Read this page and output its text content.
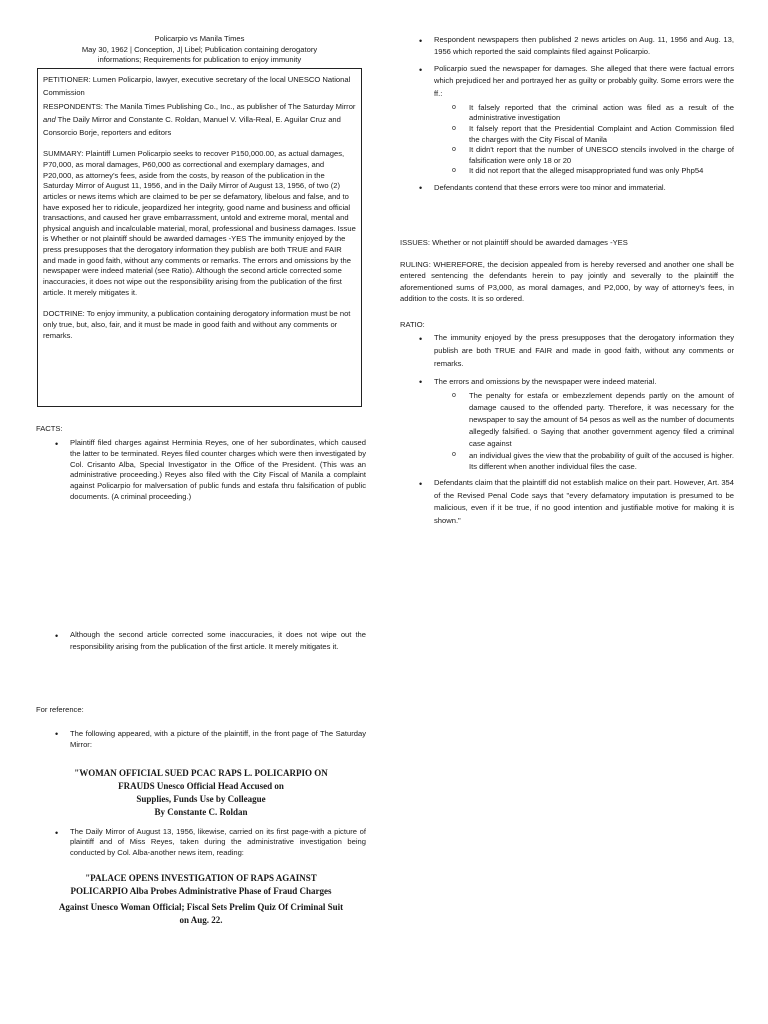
Policarpio vs Manila Times
May 30, 1962 | Conception, J| Libel; Publication containing derogatory
informations; Requirements for publication to enjoy immunity

PETITIONER: Lumen Policarpio, lawyer, executive secretary of the local UNESCO National Commission

RESPONDENTS: The Manila Times Publishing Co., Inc., as publisher of The Saturday Mirror and The Daily Mirror and Constante C. Roldan, Manuel V. Villa-Real, E. Aguilar Cruz and Consorcio Borje, reporters and editors

SUMMARY: Plaintiff Lumen Policarpio seeks to recover P150,000.00, as actual damages, P70,000, as moral damages, P60,000 as correctional and exemplary damages, and P20,000, as attorney's fees, aside from the costs, by reason of the publication in the Saturday Mirror of August 11, 1956, and in the Daily Mirror of August 13, 1956, of two (2) articles or news items which are claimed to be per se defamatory, libelous and false, and to have exposed her to ridicule, jeopardized her integrity, good name and business and official transactions, and caused her grave embarrassment, untold and extreme moral, mental and physical anguish and incalculable material, moral, professional and business damages. Issue is Whether or not plaintiff should be awarded damages -YES The immunity enjoyed by the press presupposes that the derogatory information they publish are both TRUE and FAIR and made in good faith, without any comments or remarks. The errors and omissions by the newspaper were indeed material (see Ratio). Although the second article corrected some inaccuracies, it does not wipe out the responsibility arising from the publication of the first article. It merely mitigates it.

DOCTRINE: To enjoy immunity, a publication containing derogatory information must be not only true, but, also, fair, and it must be made in good faith and without any comments or remarks.

FACTS:

• Plaintiff filed charges against Herminia Reyes, one of her subordinates, which caused the latter to be terminated. Reyes filed counter charges which were then investigated by Col. Crisanto Alba, Special Investigator in the Office of the President. (This was an administrative proceeding.) Reyes also filed with the City Fiscal of Manila a complaint against Policarpio for malversation of public funds and estafa thru falsification of public documents. (A criminal proceeding.)
• Although the second article corrected some inaccuracies, it does not wipe out the responsibility arising from the publication of the first article. It merely mitigates it.
For reference:
• The following appeared, with a picture of the plaintiff, in the front page of The Saturday Mirror:
"WOMAN OFFICIAL SUED PCAC RAPS L. POLICARPIO ON
FRAUDS Unesco Official Head Accused on
Supplies, Funds Use by Colleague
By Constante C. Roldan
• The Daily Mirror of August 13, 1956, likewise, carried on its first page-with a picture of plaintiff and of Miss Reyes, taken during the administrative investigation being conducted by Col. Alba-another news item, reading:
"PALACE OPENS INVESTIGATION OF RAPS AGAINST
POLICARPIO Alba Probes Administrative Phase of Fraud Charges
Against Unesco Woman Official; Fiscal Sets Prelim Quiz Of Criminal Suit
on Aug. 22.
• Respondent newspapers then published 2 news articles on Aug. 11, 1956 and Aug. 13, 1956 which reported the said complaints filed against Policarpio.
• Policarpio sued the newspaper for damages. She alleged that there were factual errors which prejudiced her and portrayed her as guilty or probably guilty. Some errors were the ff.:
o It falsely reported that the criminal action was filed as a result of the administrative investigation
o It falsely report that the Presidential Complaint and Action Commission filed the charges with the City Fiscal of Manila
o It didn't report that the number of UNESCO stencils involved in the charge of falsification were only 18 or 20
o It did not report that the alleged misappropriated fund was only Php54
• Defendants contend that these errors were too minor and immaterial.

ISSUES: Whether or not plaintiff should be awarded damages -YES

RULING: WHEREFORE, the decision appealed from is hereby reversed and another one shall be entered sentencing the defendants herein to pay jointly and severally to the plaintiff the aforementioned sums of P3,000, as moral damages, and P2,000, by way of attorney's fees, in addition to the costs. It is so ordered.

RATIO:

• The immunity enjoyed by the press presupposes that the derogatory information they publish are both TRUE and FAIR and made in good faith, without any comments or remarks.
• The errors and omissions by the newspaper were indeed material.
o The penalty for estafa or embezzlement depends partly on the amount of damage caused to the offended party. Therefore, it was necessary for the newspaper to say the amount of 54 pesos as well as the number of documents allegedly falsified. o Saying that another government agency filed a criminal case against
o an individual gives the view that the probability of guilt of the accused is higher. Its different when another individual files the case.
• Defendants claim that the plaintiff did not establish malice on their part. However, Art. 354 of the Revised Penal Code says that "every defamatory imputation is presumed to be malicious, even if it be true, if no good intention and justifiable motive for making it is shown."
